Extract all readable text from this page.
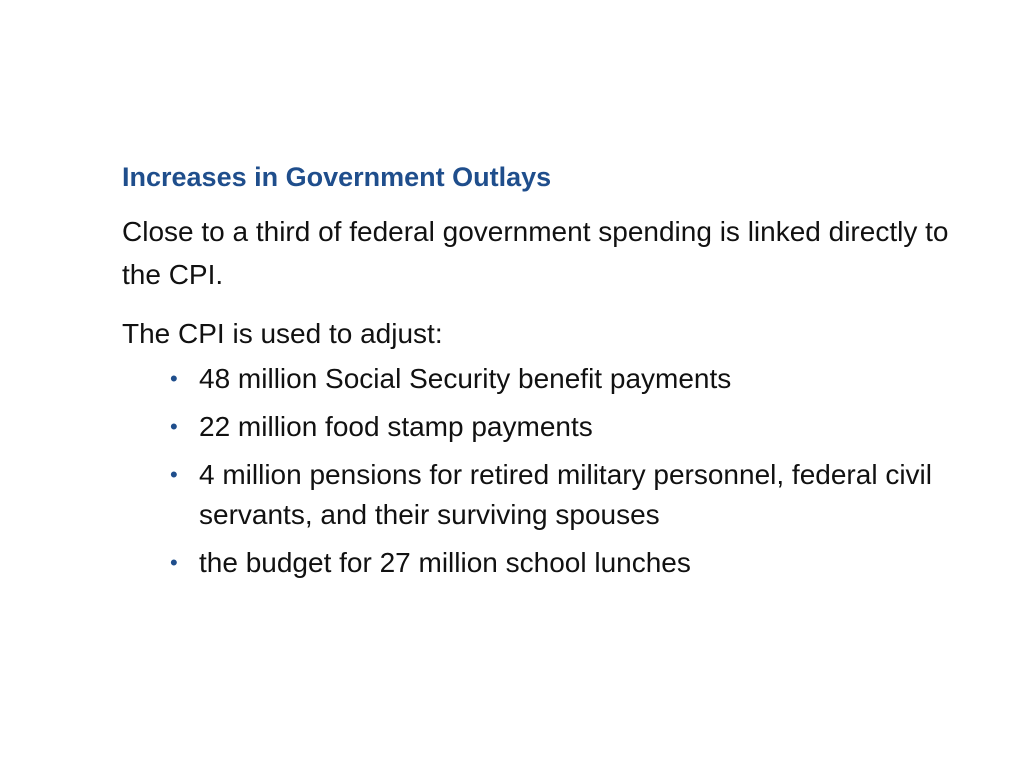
Increases in Government Outlays
Close to a third of federal government spending is linked directly to the CPI.
The CPI is used to adjust:
• 48 million Social Security benefit payments
• 22 million food stamp payments
• 4 million pensions for retired military personnel, federal civil servants, and their surviving spouses
• the budget for 27 million school lunches
